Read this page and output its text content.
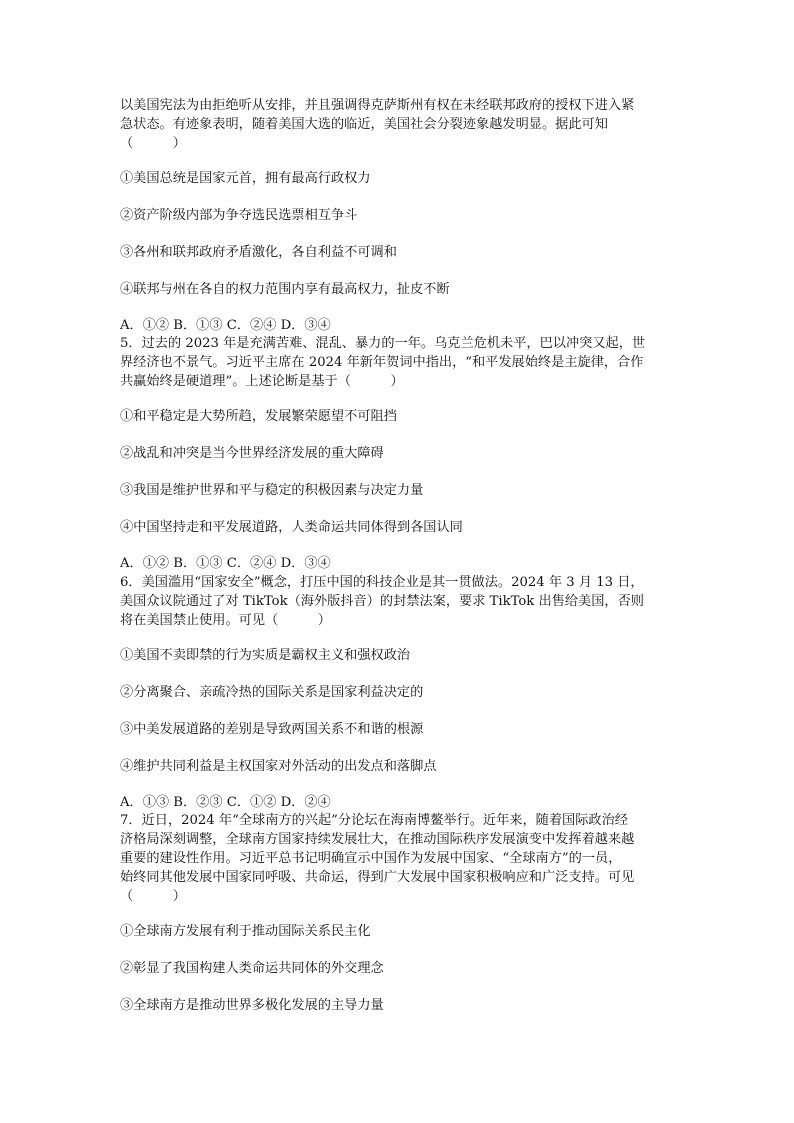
以美国宪法为由拒绝听从安排，并且强调得克萨斯州有权在未经联邦政府的授权下进入紧
急状态。有迹象表明，随着美国大选的临近，美国社会分裂迹象越发明显。据此可知
（　　　）

①美国总统是国家元首，拥有最高行政权力

②资产阶级内部为争夺选民选票相互争斗

③各州和联邦政府矛盾激化，各自利益不可调和

④联邦与州在各自的权力范围内享有最高权力，扯皮不断

A．①② B．①③ C．②④ D．③④

5．过去的 2023 年是充满苦难、混乱、暴力的一年。乌克兰危机未平，巴以冲突又起，世
界经济也不景气。习近平主席在 2024 年新年贺词中指出，“和平发展始终是主旋律，合作
共赢始终是硬道理”。上述论断是基于（　　　）

①和平稳定是大势所趋，发展繁荣愿望不可阻挡

②战乱和冲突是当今世界经济发展的重大障碍

③我国是维护世界和平与稳定的积极因素与决定力量

④中国坚持走和平发展道路，人类命运共同体得到各国认同

A．①② B．①③ C．②④ D．③④

6．美国滥用“国家安全”概念，打压中国的科技企业是其一贯做法。2024 年 3 月 13 日，
美国众议院通过了对 TikTok（海外版抖音）的封禁法案，要求 TikTok 出售给美国，否则
将在美国禁止使用。可见（　　　）

①美国不卖即禁的行为实质是霸权主义和强权政治

②分离聚合、亲疏冷热的国际关系是国家利益决定的

③中美发展道路的差别是导致两国关系不和谐的根源

④维护共同利益是主权国家对外活动的出发点和落脚点

A．①③ B．②③ C．①② D．②④

7．近日，2024 年“全球南方的兴起”分论坛在海南博鳌举行。近年来，随着国际政治经
济格局深刻调整，全球南方国家持续发展壮大，在推动国际秩序发展演变中发挥着越来越
重要的建设性作用。习近平总书记明确宣示中国作为发展中国家、“全球南方”的一员，
始终同其他发展中国家同呼吸、共命运，得到广大发展中国家积极响应和广泛支持。可见
（　　　）

①全球南方发展有利于推动国际关系民主化

②彰显了我国构建人类命运共同体的外交理念

③全球南方是推动世界多极化发展的主导力量
